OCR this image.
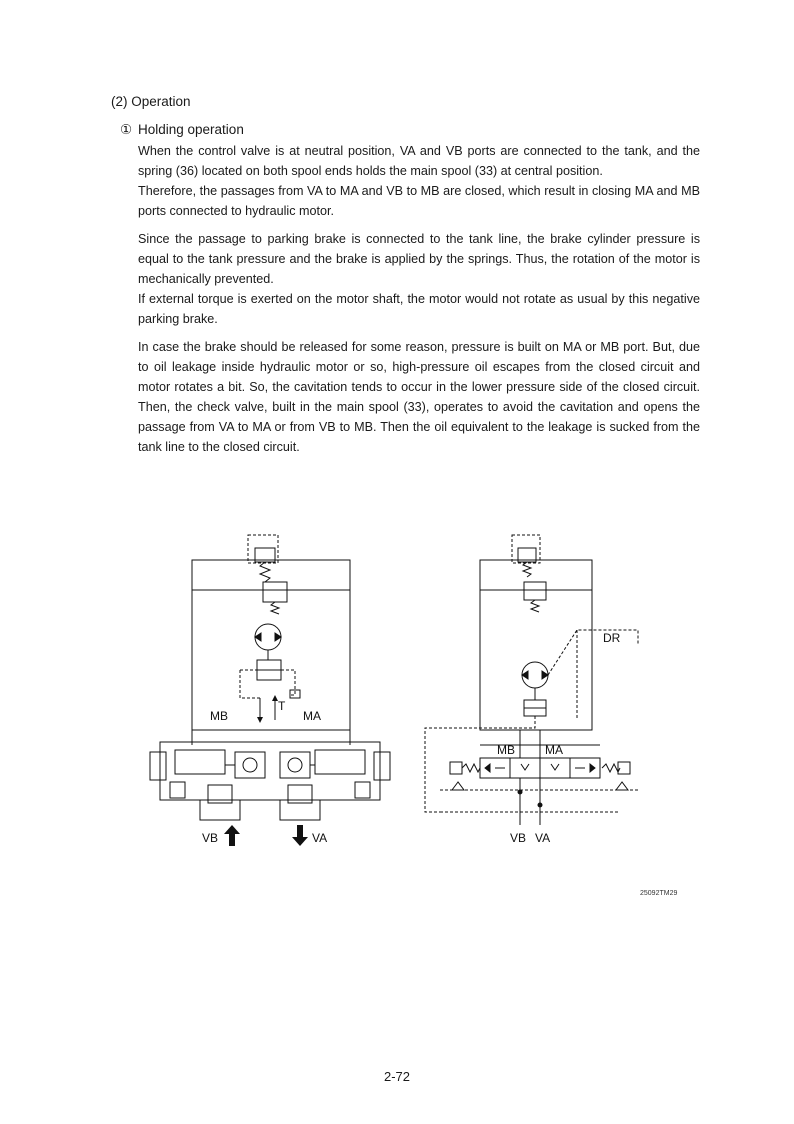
(2) Operation
① Holding operation
When the control valve is at neutral position, VA and VB ports are connected to the tank, and the spring (36) located on both spool ends holds the main spool (33) at central position.
Therefore, the passages from VA to MA and VB to MB are closed, which result in closing MA and MB ports connected to hydraulic motor.
Since the passage to parking brake is connected to the tank line, the brake cylinder pressure is equal to the tank pressure and the brake is applied by the springs. Thus, the rotation of the motor is mechanically prevented.
If external torque is exerted on the motor shaft, the motor would not rotate as usual by this negative parking brake.
In case the brake should be released for some reason, pressure is built on MA or MB port. But, due to oil leakage inside hydraulic motor or so, high-pressure oil escapes from the closed circuit and motor rotates a bit. So, the cavitation tends to occur in the lower pressure side of the closed circuit. Then, the check valve, built in the main spool (33), operates to avoid the cavitation and opens the passage from VA to MA or from VB to MB. Then the oil equivalent to the leakage is sucked from the tank line to the closed circuit.
MB	MA
T
VB	VA
DR
MB	MA
VB VA
25092TM29
2-72
